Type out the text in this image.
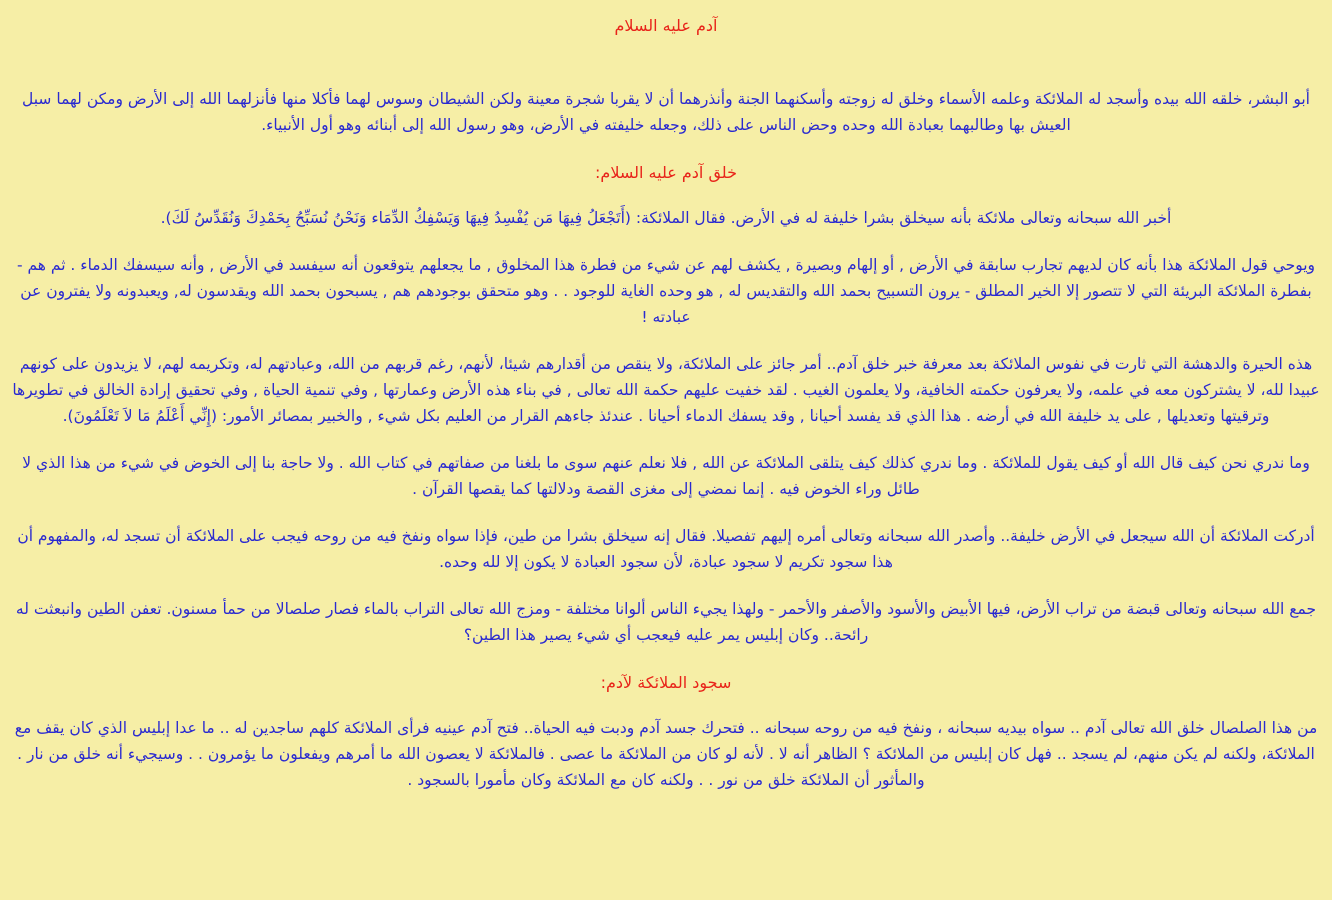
آدم عليه السلام

أبو البشر، خلقه الله بيده وأسجد له الملائكة وعلمه الأسماء وخلق له زوجته وأسكنهما الجنة وأنذرهما أن لا يقربا شجرة معينة ولكن الشيطان وسوس لهما فأكلا منها فأنزلهما الله إلى الأرض ومكن لهما سبل العيش بها وطالبهما بعبادة الله وحده وحض الناس على ذلك، وجعله خليفته في الأرض، وهو رسول الله إلى أبنائه وهو أول الأنبياء.

خلق آدم عليه السلام:

أخبر الله سبحانه وتعالى ملائكة بأنه سيخلق بشرا خليفة له في الأرض. فقال الملائكة: (أَتَجْعَلُ فِيهَا مَن يُفْسِدُ فِيهَا وَيَسْفِكُ الدِّمَاء وَنَحْنُ نُسَبِّحُ بِحَمْدِكَ وَنُقَدِّسُ لَكَ).

ويوحي قول الملائكة هذا بأنه كان لديهم تجارب سابقة في الأرض , أو إلهام وبصيرة , يكشف لهم عن شيء من فطرة هذا المخلوق , ما يجعلهم يتوقعون أنه سيفسد في الأرض , وأنه سيسفك الدماء . ثم هم - بفطرة الملائكة البريئة التي لا تتصور إلا الخير المطلق - يرون التسبيح بحمد الله والتقديس له , هو وحده الغاية للوجود . . وهو متحقق بوجودهم هم , يسبحون بحمد الله ويقدسون له, ويعبدونه ولا يفترون عن عبادته !

هذه الحيرة والدهشة التي ثارت في نفوس الملائكة بعد معرفة خبر خلق آدم.. أمر جائز على الملائكة، ولا ينقص من أقدارهم شيئا، لأنهم، رغم قربهم من الله، وعبادتهم له، وتكريمه لهم، لا يزيدون على كونهم عبيدا لله، لا يشتركون معه في علمه، ولا يعرفون حكمته الخافية، ولا يعلمون الغيب . لقد خفيت عليهم حكمة الله تعالى , في بناء هذه الأرض وعمارتها , وفي تنمية الحياة , وفي تحقيق إرادة الخالق في تطويرها وترقيتها وتعديلها , على يد خليفة الله في أرضه . هذا الذي قد يفسد أحيانا , وقد يسفك الدماء أحيانا . عندئذ جاءهم القرار من العليم بكل شيء , والخبير بمصائر الأمور: (إِنِّي أَعْلَمُ مَا لاَ تَعْلَمُونَ).

وما ندري نحن كيف قال الله أو كيف يقول للملائكة . وما ندري كذلك كيف يتلقى الملائكة عن الله , فلا نعلم عنهم سوى ما بلغنا من صفاتهم في كتاب الله . ولا حاجة بنا إلى الخوض في شيء من هذا الذي لا طائل وراء الخوض فيه . إنما نمضي إلى مغزى القصة ودلالتها كما يقصها القرآن .

أدركت الملائكة أن الله سيجعل في الأرض خليفة.. وأصدر الله سبحانه وتعالى أمره إليهم تفصيلا. فقال إنه سيخلق بشرا من طين، فإذا سواه ونفخ فيه من روحه فيجب على الملائكة أن تسجد له، والمفهوم أن هذا سجود تكريم لا سجود عبادة، لأن سجود العبادة لا يكون إلا لله وحده.

جمع الله سبحانه وتعالى قبضة من تراب الأرض، فيها الأبيض والأسود والأصفر والأحمر - ولهذا يجيء الناس ألوانا مختلفة - ومزج الله تعالى التراب بالماء فصار صلصالا من حمأ مسنون. تعفن الطين وانبعثت له رائحة.. وكان إبليس يمر عليه فيعجب أي شيء يصير هذا الطين؟

سجود الملائكة لآدم:

من هذا الصلصال خلق الله تعالى آدم .. سواه بيديه سبحانه ، ونفخ فيه من روحه سبحانه .. فتحرك جسد آدم ودبت فيه الحياة.. فتح آدم عينيه فرأى الملائكة كلهم ساجدين له .. ما عدا إبليس الذي كان يقف مع الملائكة، ولكنه لم يكن منهم، لم يسجد .. فهل كان إبليس من الملائكة ؟ الظاهر أنه لا . لأنه لو كان من الملائكة ما عصى . فالملائكة لا يعصون الله ما أمرهم ويفعلون ما يؤمرون . . وسيجيء أنه خلق من نار . والمأثور أن الملائكة خلق من نور . . ولكنه كان مع الملائكة وكان مأمورا بالسجود .
